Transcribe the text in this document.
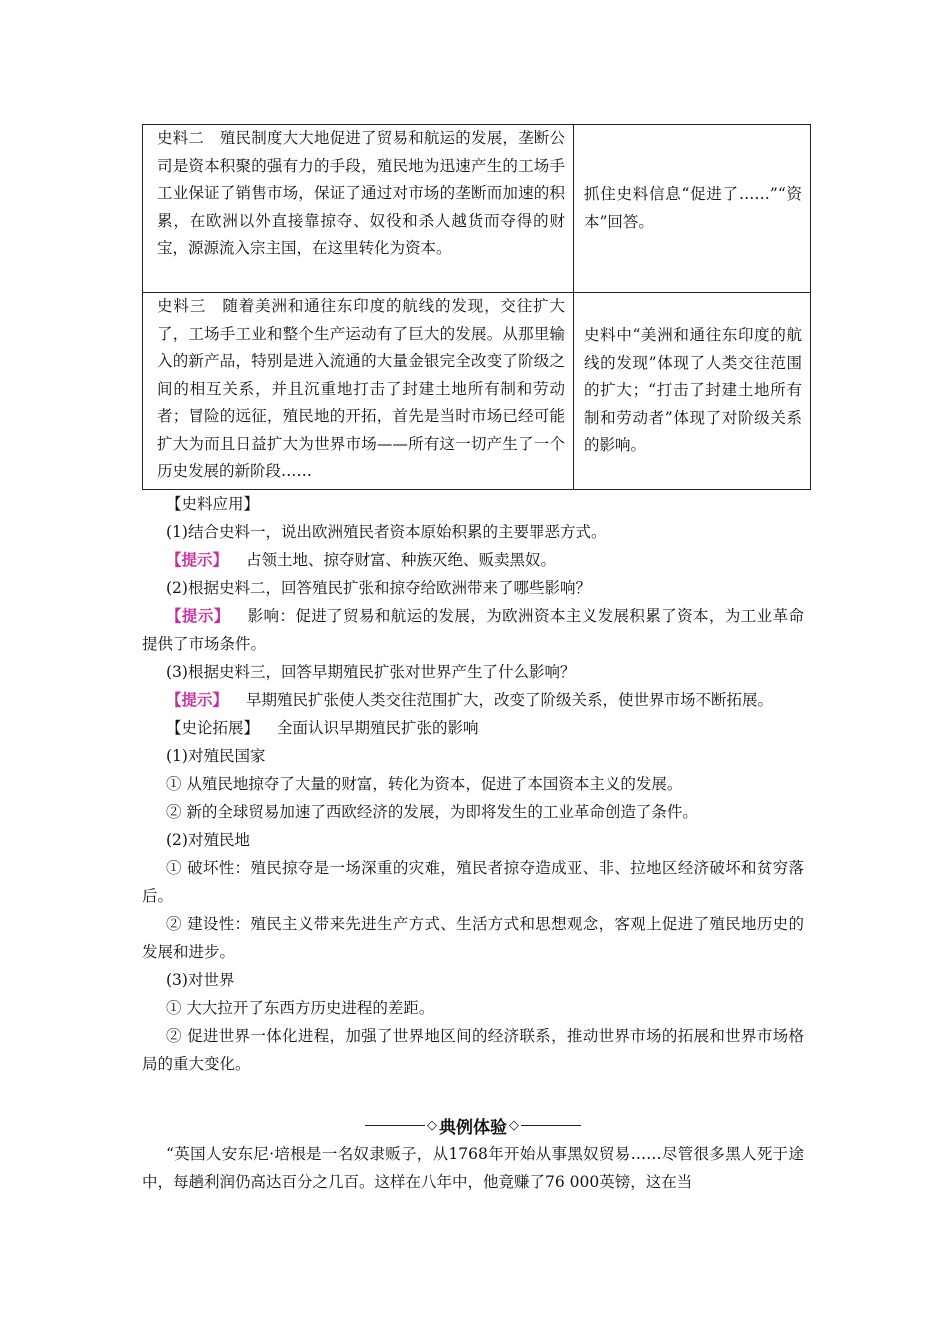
史料二　殖民制度大大地促进了贸易和航运的发展，垄断公司是资本积聚的强有力的手段，殖民地为迅速产生的工场手工业保证了销售市场，保证了通过对市场的垄断而加速的积累，在欧洲以外直接靠掠夺、奴役和杀人越货而夺得的财宝，源源流入宗主国，在这里转化为资本。	抓住史料信息“促进了……”“资本”回答。
史料三　随着美洲和通往东印度的航线的发现，交往扩大了，工场手工业和整个生产运动有了巨大的发展。从那里输入的新产品，特别是进入流通的大量金银完全改变了阶级之间的相互关系，并且沉重地打击了封建土地所有制和劳动者；冒险的远征，殖民地的开拓，首先是当时市场已经可能扩大为而且日益扩大为世界市场——所有这一切产生了一个历史发展的新阶段……	史料中“美洲和通往东印度的航线的发现”体现了人类交往范围的扩大；“打击了封建土地所有制和劳动者”体现了对阶级关系的影响。

【史料应用】

(1)结合史料一，说出欧洲殖民者资本原始积累的主要罪恶方式。

【提示】 占领土地、掠夺财富、种族灭绝、贩卖黑奴。

(2)根据史料二，回答殖民扩张和掠夺给欧洲带来了哪些影响？

【提示】 影响：促进了贸易和航运的发展，为欧洲资本主义发展积累了资本，为工业革命提供了市场条件。

(3)根据史料三，回答早期殖民扩张对世界产生了什么影响？

【提示】 早期殖民扩张使人类交往范围扩大，改变了阶级关系，使世界市场不断拓展。

【史论拓展】 全面认识早期殖民扩张的影响

(1)对殖民国家

① 从殖民地掠夺了大量的财富，转化为资本，促进了本国资本主义的发展。

② 新的全球贸易加速了西欧经济的发展，为即将发生的工业革命创造了条件。

(2)对殖民地

① 破坏性：殖民掠夺是一场深重的灾难，殖民者掠夺造成亚、非、拉地区经济破坏和贫穷落后。

② 建设性：殖民主义带来先进生产方式、生活方式和思想观念，客观上促进了殖民地历史的发展和进步。

(3)对世界

① 大大拉开了东西方历史进程的差距。

② 促进世界一体化进程，加强了世界地区间的经济联系，推动世界市场的拓展和世界市场格局的重大变化。

◇ 典例体验 ◇

“英国人安东尼·培根是一名奴隶贩子，从1768年开始从事黑奴贸易……尽管很多黑人死于途中，每趟利润仍高达百分之几百。这样在八年中，他竟赚了76 000英镑，这在当
